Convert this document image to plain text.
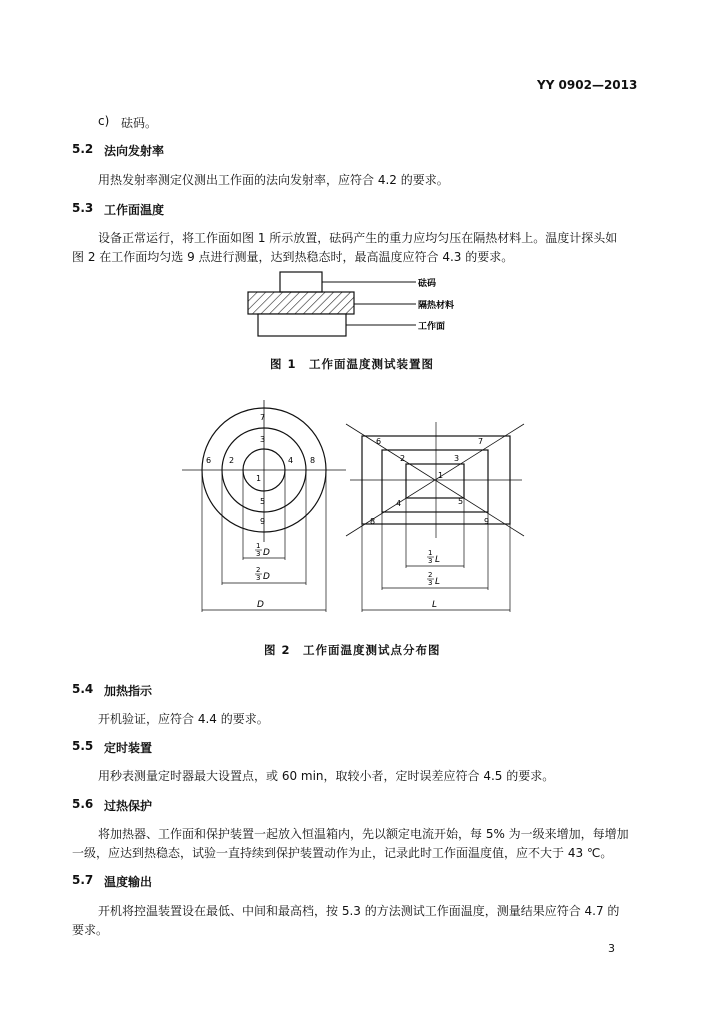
YY 0902—2013
c) 砝码。
5.2 法向发射率
用热发射率测定仪测出工作面的法向发射率，应符合 4.2 的要求。
5.3 工作面温度
设备正常运行，将工作面如图 1 所示放置，砝码产生的重力应均匀压在隔热材料上。温度计探头如
图 2 在工作面均匀选 9 点进行测量，达到热稳态时，最高温度应符合 4.3 的要求。
砝码
隔热材料
工作面
图 1　工作面温度测试装置图
1
2
3
4
5
6
7
8
9
1
3 D
2
3 D
D
1
2	3
4	5
6	7
8	9
1
3 L
2
3 L
L
图 2　工作面温度测试点分布图
5.4 加热指示
开机验证，应符合 4.4 的要求。
5.5 定时装置
用秒表测量定时器最大设置点，或 60 min，取较小者，定时误差应符合 4.5 的要求。
5.6 过热保护
将加热器、工作面和保护装置一起放入恒温箱内，先以额定电流开始，每 5% 为一级来增加，每增加
一级，应达到热稳态，试验一直持续到保护装置动作为止，记录此时工作面温度值，应不大于 43 ℃。
5.7 温度输出
开机将控温装置设在最低、中间和最高档，按 5.3 的方法测试工作面温度，测量结果应符合 4.7 的
要求。
3
